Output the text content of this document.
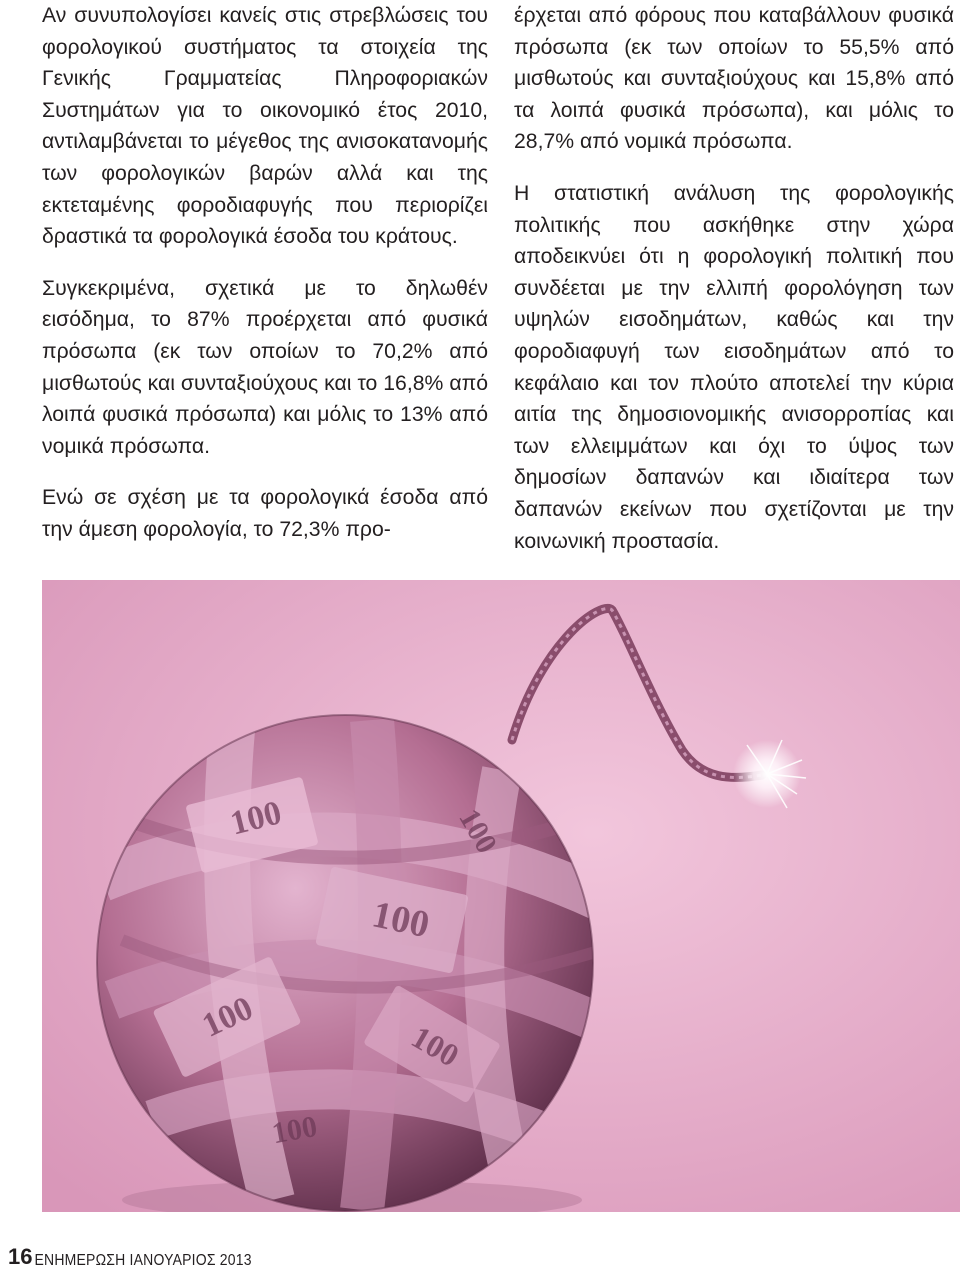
Αν συνυπολογίσει κανείς στις στρεβλώσεις του φορολογικού συστήματος τα στοιχεία της Γενικής Γραμματείας Πληροφοριακών Συστημάτων για το οικονομικό έτος 2010, αντιλαμβάνεται το μέγεθος της ανισοκατανομής των φορολογικών βαρών αλλά και της εκτεταμένης φοροδιαφυγής που περιορίζει δραστικά τα φορολογικά έσοδα του κράτους.

Συγκεκριμένα, σχετικά με το δηλωθέν εισόδημα, το 87% προέρχεται από φυσικά πρόσωπα (εκ των οποίων το 70,2% από μισθωτούς και συνταξιούχους και το 16,8% από λοιπά φυσικά πρόσωπα) και μόλις το 13% από νομικά πρόσωπα.

Ενώ σε σχέση με τα φορολογικά έσοδα από την άμεση φορολογία, το 72,3% προ-

έρχεται από φόρους που καταβάλλουν φυσικά πρόσωπα (εκ των οποίων το 55,5% από μισθωτούς και συνταξιούχους και 15,8% από τα λοιπά φυσικά πρόσωπα), και μόλις το 28,7% από νομικά πρόσωπα.

Η στατιστική ανάλυση της φορολογικής πολιτικής που ασκήθηκε στην χώρα αποδεικνύει ότι η φορολογική πολιτική που συνδέεται με την ελλιπή φορολόγηση των υψηλών εισοδημάτων, καθώς και την φοροδιαφυγή των εισοδημάτων από το κεφάλαιο και τον πλούτο αποτελεί την κύρια αιτία της δημοσιονομικής ανισορροπίας και των ελλειμμάτων και όχι το ύψος των δημοσίων δαπανών και ιδιαίτερα των δαπανών εκείνων που σχετίζονται με την κοινωνική προστασία.

100
100
100
100
100
100
16 ΕΝΗΜΕΡΩΣΗ ΙΑΝΟΥΑΡΙΟΣ 2013
